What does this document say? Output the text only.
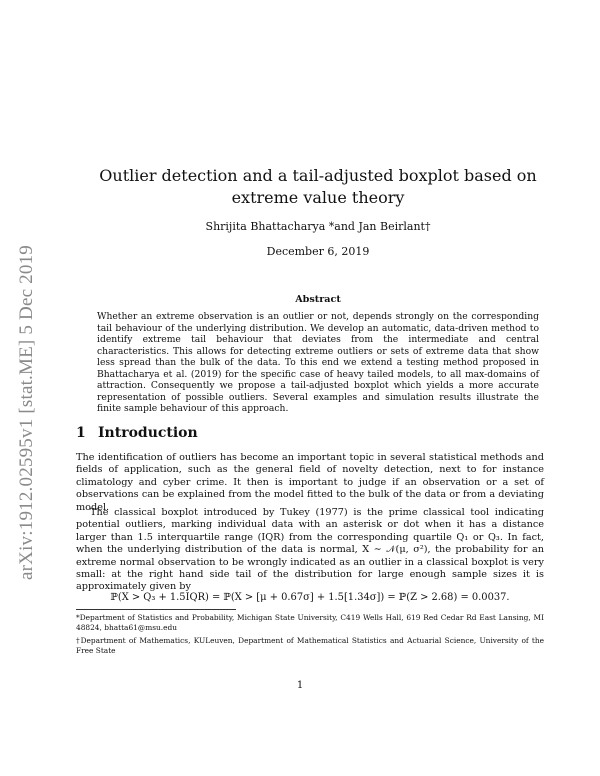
arXiv:1912.02595v1 [stat.ME] 5 Dec 2019
Outlier detection and a tail-adjusted boxplot based on
extreme value theory
Shrijita Bhattacharya *and Jan Beirlant†
December 6, 2019
Abstract
Whether an extreme observation is an outlier or not, depends strongly on the corresponding tail behaviour of the underlying distribution. We develop an automatic, data-driven method to identify extreme tail behaviour that deviates from the intermediate and central characteristics. This allows for detecting extreme outliers or sets of extreme data that show less spread than the bulk of the data. To this end we extend a testing method proposed in Bhattacharya et al. (2019) for the specific case of heavy tailed models, to all max-domains of attraction. Consequently we propose a tail-adjusted boxplot which yields a more accurate representation of possible outliers. Several examples and simulation results illustrate the finite sample behaviour of this approach.
1 Introduction
The identification of outliers has become an important topic in several statistical methods and fields of application, such as the general field of novelty detection, next to for instance climatology and cyber crime. It then is important to judge if an observation or a set of observations can be explained from the model fitted to the bulk of the data or from a deviating model.
The classical boxplot introduced by Tukey (1977) is the prime classical tool indicating potential outliers, marking individual data with an asterisk or dot when it has a distance larger than 1.5 interquartile range (IQR) from the corresponding quartile Q₁ or Q₃. In fact, when the underlying distribution of the data is normal, X ∼ 𝒩(μ, σ²), the probability for an extreme normal observation to be wrongly indicated as an outlier in a classical boxplot is very small: at the right hand side tail of the distribution for large enough sample sizes it is approximately given by
ℙ(X > Q₃ + 1.5IQR) = ℙ(X > [μ + 0.67σ] + 1.5[1.34σ]) = ℙ(Z > 2.68) = 0.0037.
*Department of Statistics and Probability, Michigan State University, C419 Wells Hall, 619 Red Cedar Rd East Lansing, MI 48824, bhatta61@msu.edu
†Department of Mathematics, KULeuven, Department of Mathematical Statistics and Actuarial Science, University of the Free State
1
